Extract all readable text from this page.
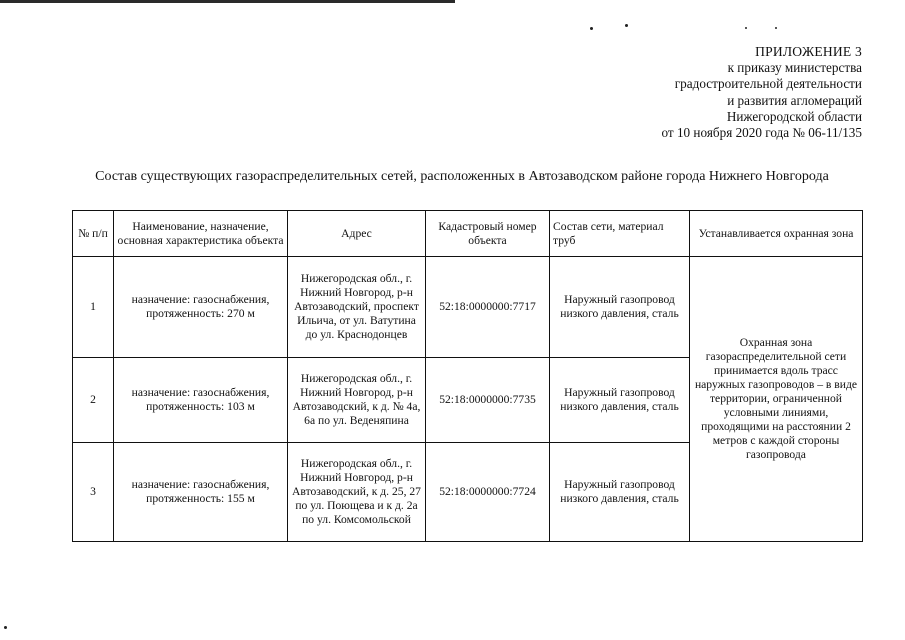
ПРИЛОЖЕНИЕ 3
к приказу министерства
градостроительной деятельности
и развития агломераций
Нижегородской области
от 10 ноября 2020 года № 06-11/135
Состав существующих газораспределительных сетей, расположенных в Автозаводском районе города Нижнего Новгорода
№ п/п	Наименование, назначение, основная характеристика объекта	Адрес	Кадастровый номер объекта	Состав сети, материал труб	Устанавливается охранная зона
1	назначение: газоснабжения, протяженность: 270 м	Нижегородская обл., г. Нижний Новгород, р-н Автозаводский, проспект Ильича, от ул. Ватутина до ул. Краснодонцев	52:18:0000000:7717	Наружный газопровод низкого давления, сталь	Охранная зона газораспределительной сети принимается вдоль трасс наружных газопроводов – в виде территории, ограниченной условными линиями, проходящими на расстоянии 2 метров с каждой стороны газопровода
2	назначение: газоснабжения, протяженность: 103 м	Нижегородская обл., г. Нижний Новгород, р-н Автозаводский, к д. № 4а, 6а по ул. Веденяпина	52:18:0000000:7735	Наружный газопровод низкого давления, сталь	
3	назначение: газоснабжения, протяженность: 155 м	Нижегородская обл., г. Нижний Новгород, р-н Автозаводский, к д. 25, 27 по ул. Поющева и к д. 2а по ул. Комсомольской	52:18:0000000:7724	Наружный газопровод низкого давления, сталь	
